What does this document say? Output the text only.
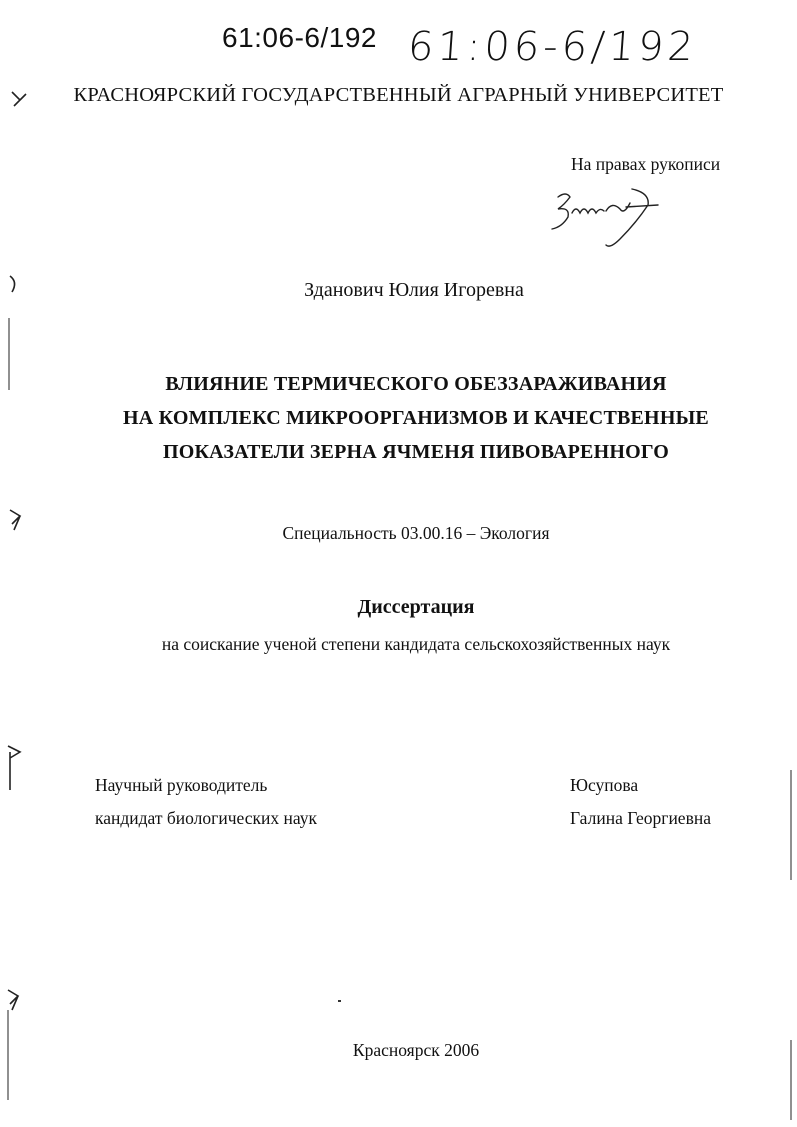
61:06-6/192 61:06-6/192
КРАСНОЯРСКИЙ ГОСУДАРСТВЕННЫЙ АГРАРНЫЙ УНИВЕРСИТЕТ
На правах рукописи
Зданович Юлия Игоревна
ВЛИЯНИЕ ТЕРМИЧЕСКОГО ОБЕЗЗАРАЖИВАНИЯ
НА КОМПЛЕКС МИКРООРГАНИЗМОВ И КАЧЕСТВЕННЫЕ
ПОКАЗАТЕЛИ ЗЕРНА ЯЧМЕНЯ ПИВОВАРЕННОГО
Специальность 03.00.16 – Экология
Диссертация
на соискание ученой степени кандидата сельскохозяйственных наук
Научный руководитель
кандидат биологических наук
Юсупова
Галина Георгиевна
Красноярск 2006
